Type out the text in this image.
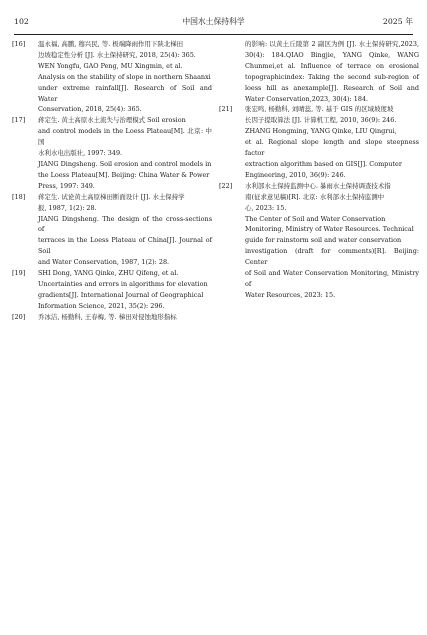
102	中国水土保持科学	2025 年
[16] 温永福, 高鹏, 穆兴民, 等. 极端降雨作用下陕北梯田
边坡稳定性分析 [J]. 水土保持研究, 2018, 25(4): 365.
WEN Yongfu, GAO Peng, MU Xingmin, et al.
Analysis on the stability of slope in northern Shaanxi
under extreme rainfall[J]. Research of Soil and Water
Conservation, 2018, 25(4): 365.
[17] 蒋定生. 黄土高原水土流失与治理模式 Soil erosion
and control models in the Loess Plateau[M]. 北京: 中国
水利水电出版社, 1997: 349.
JIANG Dingsheng. Soil erosion and control models in
the Loess Plateau[M]. Beijing: China Water & Power
Press, 1997: 349.
[18] 蒋定生. 试论黄土高原梯田断面设计 [J]. 水土保持学
报, 1987, 1(2): 28.
JIANG Dingsheng. The design of the cross-sections of
terraces in the Loess Plateau of China[J]. Journal of Soil
and Water Conservation, 1987, 1(2): 28.
[19] SHI Dong, YANG Qinke, ZHU Qifeng, et al.
Uncertainties and errors in algorithms for elevation
gradients[J]. International Journal of Geographical
Information Science, 2021, 35(2): 296.
[20] 乔冰洁, 杨勤科, 王春梅, 等. 梯田对侵蚀地形指标
的影响: 以黄土丘陵第 2 副区为例 [J]. 水土保持研究,2023, 30(4): 184.QIAO Bingjie, YANG Qinke, WANG Chunmei,et al. Influence of terrace on erosional topographicindex: Taking the second sub-region of loess hill as anexample[J]. Research of Soil and Water Conservation,2023, 30(4): 184.
[21] 张宏鸣, 杨勤科, 刘晴蕊, 等. 基于 GIS 的区域坡度坡
长因子提取算法 [J]. 计算机工程, 2010, 36(9): 246.
ZHANG Hongming, YANG Qinke, LIU Qingrui,
et al. Regional slope length and slope steepness factor
extraction algorithm based on GIS[J]. Computer
Engineering, 2010, 36(9): 246.
[22] 水利部水土保持监测中心. 暴雨水土保持调查技术指
南(征求意见稿)[R]. 北京: 水利部水土保持监测中
心, 2023: 15.
The Center of Soil and Water Conservation
Monitoring, Ministry of Water Resources. Technical
guide for rainstorm soil and water conservation
investigation (draft for comments)[R]. Beijing: Center
of Soil and Water Conservation Monitoring, Ministry of
Water Resources, 2023: 15.
